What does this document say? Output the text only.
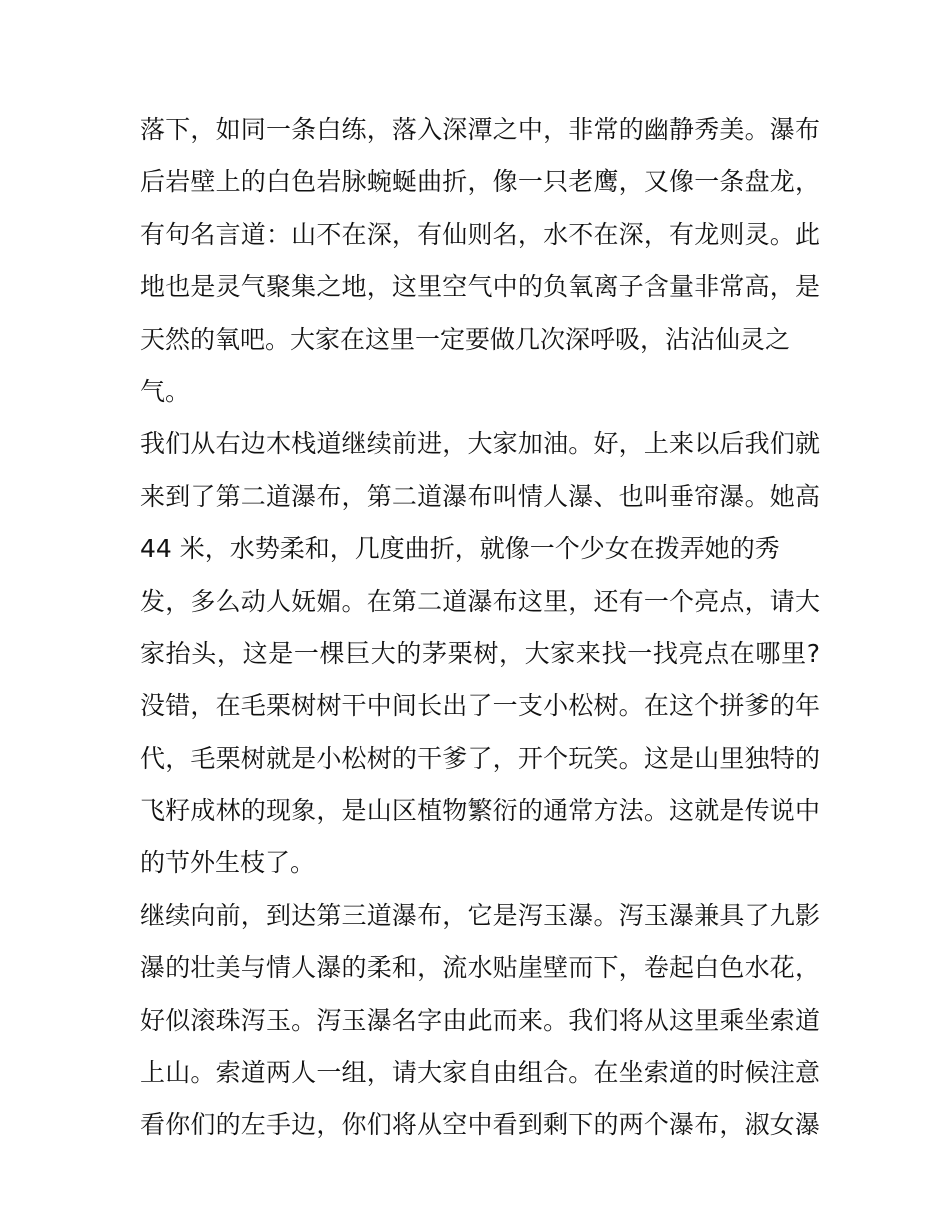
落下，如同一条白练，落入深潭之中，非常的幽静秀美。瀑布
后岩壁上的白色岩脉蜿蜒曲折，像一只老鹰，又像一条盘龙，
有句名言道：山不在深，有仙则名，水不在深，有龙则灵。此
地也是灵气聚集之地，这里空气中的负氧离子含量非常高，是
天然的氧吧。大家在这里一定要做几次深呼吸，沾沾仙灵之
气。
我们从右边木栈道继续前进，大家加油。好，上来以后我们就
来到了第二道瀑布，第二道瀑布叫情人瀑、也叫垂帘瀑。她高
44 米，水势柔和，几度曲折，就像一个少女在拨弄她的秀
发，多么动人妩媚。在第二道瀑布这里，还有一个亮点，请大
家抬头，这是一棵巨大的茅栗树，大家来找一找亮点在哪里?
没错，在毛栗树树干中间长出了一支小松树。在这个拼爹的年
代，毛栗树就是小松树的干爹了，开个玩笑。这是山里独特的
飞籽成林的现象，是山区植物繁衍的通常方法。这就是传说中
的节外生枝了。
继续向前，到达第三道瀑布，它是泻玉瀑。泻玉瀑兼具了九影
瀑的壮美与情人瀑的柔和，流水贴崖壁而下，卷起白色水花，
好似滚珠泻玉。泻玉瀑名字由此而来。我们将从这里乘坐索道
上山。索道两人一组，请大家自由组合。在坐索道的时候注意
看你们的左手边，你们将从空中看到剩下的两个瀑布，淑女瀑
